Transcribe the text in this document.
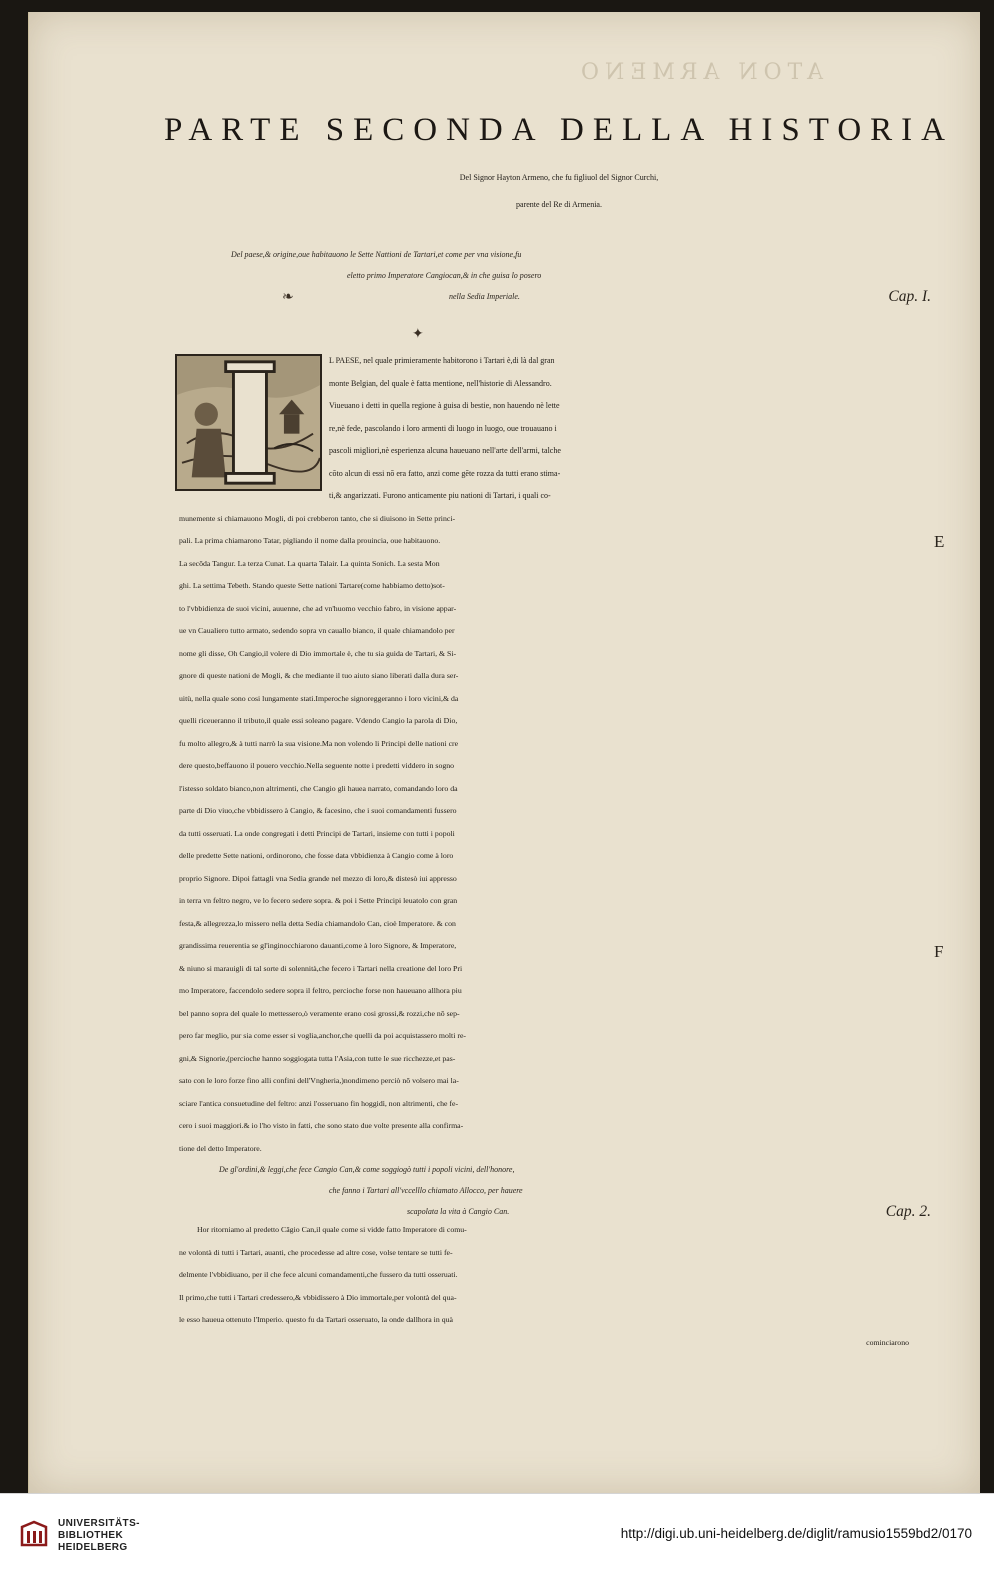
ATON ARMENO
PARTE SECONDA DELLA HISTORIA
Del Signor Hayton Armeno, che fu figliuol del Signor Curchi,
parente del Re di Armenia.
Del paese,& origine,oue habitauono le Sette Nattioni de Tartari,et come per vna visione,fu
eletto primo Imperatore Cangiocan,& in che guisa lo posero
nella Sedia Imperiale.	Cap. I.
❧
✦
L PAESE, nel quale primieramente habitorono i Tartari è,di là dal gran
monte Belgian, del quale è fatta mentione, nell'historie di Alessandro.
Viueuano i detti in quella regione à guisa di bestie, non hauendo nè lette
re,nè fede, pascolando i loro armenti di luogo in luogo, oue trouauano i
pascoli migliori,nè esperienza alcuna haueuano nell'arte dell'armi, talche
cōto alcun di essi nō era fatto, anzi come gēte rozza da tutti erano stima-
ti,& angarizzati. Furono anticamente piu nationi di Tartari, i quali co-
munemente si chiamauono Mogli, di poi crebberon tanto, che si diuisono in Sette princi-
pali. La prima chiamarono Tatar, pigliando il nome dalla prouincia, oue habitauono.
La secōda Tangur. La terza Cunat. La quarta Talair. La quinta Sonich. La sesta Mon
ghi. La settima Tebeth. Stando queste Sette nationi Tartare(come habbiamo detto)sot-
to l'vbbidienza de suoi vicini, auuenne, che ad vn'huomo vecchio fabro, in visione appar-
ue vn Caualiero tutto armato, sedendo sopra vn cauallo bianco, il quale chiamandolo per
nome gli disse, Oh Cangio,il volere di Dio immortale è, che tu sia guida de Tartari, & Si-
gnore di queste nationi de Mogli, & che mediante il tuo aiuto siano liberati dalla dura ser-
uitù, nella quale sono cosi lungamente stati.Imperoche signoreggeranno i loro vicini,& da
quelli riceueranno il tributo,il quale essi soleano pagare. Vdendo Cangio la parola di Dio,
fu molto allegro,& à tutti narrò la sua visione.Ma non volendo li Principi delle nationi cre
dere questo,beffauono il pouero vecchio.Nella seguente notte i predetti viddero in sogno
l'istesso soldato bianco,non altrimenti, che Cangio gli hauea narrato, comandando loro da
parte di Dio viuo,che vbbidissero à Cangio, & facesino, che i suoi comandamenti fussero
da tutti osseruati. La onde congregati i detti Principi de Tartari, insieme con tutti i popoli
delle predette Sette nationi, ordinorono, che fosse data vbbidienza à Cangio come à loro
proprio Signore. Dipoi fattagli vna Sedia grande nel mezzo di loro,& distesò iui appresso
in terra vn feltro negro, ve lo fecero sedere sopra. & poi i Sette Principi leuatolo con gran
festa,& allegrezza,lo missero nella detta Sedia chiamandolo Can, cioè Imperatore. & con
grandissima reuerentia se gl'inginocchiarono dauanti,come à loro Signore, & Imperatore,
& niuno si marauigli di tal sorte di solennità,che fecero i Tartari nella creatione del loro Pri
mo Imperatore, faccendolo sedere sopra il feltro, percioche forse non haueuano allhora piu
bel panno sopra del quale lo mettessero,ò veramente erano cosi grossi,& rozzi,che nō sep-
pero far meglio, pur sia come esser si voglia,anchor,che quelli da poi acquistassero molti re-
gni,& Signorie,(percioche hanno soggiogata tutta l'Asia,con tutte le sue ricchezze,et pas-
sato con le loro forze fino alli confini dell'Vngheria,)nondimeno perciò nō volsero mai la-
sciare l'antica consuetudine del feltro: anzi l'osseruano fin hoggidì, non altrimenti, che fe-
cero i suoi maggiori.& io l'ho visto in fatti, che sono stato due volte presente alla confirma-
tione del detto Imperatore.
E
F
De gl'ordini,& leggi,che fece Cangio Can,& come soggiogò tutti i popoli vicini, dell'honore,
che fanno i Tartari all'vccelllo chiamato Allocco, per hauere
scapolata la vita à Cangio Can.	Cap. 2.
Hor ritorniamo al predetto Cāgio Can,il quale come si vidde fatto Imperatore di comu-
ne volontà di tutti i Tartari, auanti, che procedesse ad altre cose, volse tentare se tutti fe-
delmente l'vbbidiuano, per il che fece alcuni comandamenti,che fussero da tutti osseruati.
Il primo,che tutti i Tartari credessero,& vbbidissero à Dio immortale,per volontà del qua-
le esso haueua ottenuto l'Imperio. questo fu da Tartari osseruato, la onde dallhora in quà
cominciarono
UNIVERSITÄTS-
BIBLIOTHEK
HEIDELBERG
http://digi.ub.uni-heidelberg.de/diglit/ramusio1559bd2/0170
